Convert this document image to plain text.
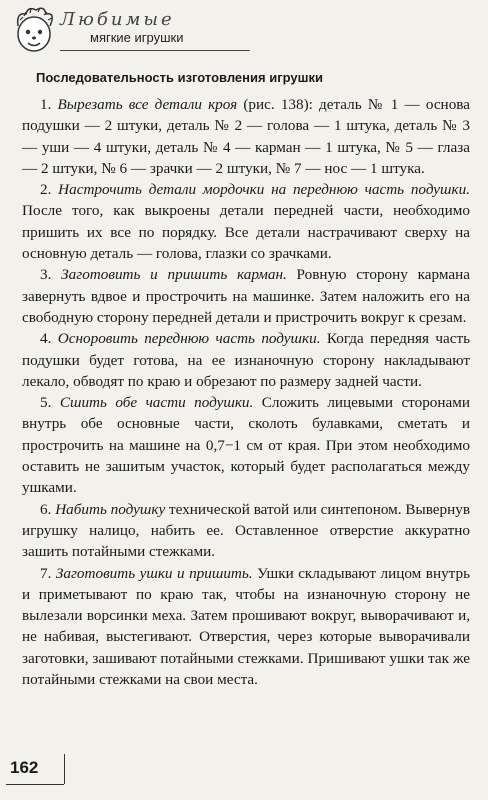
Любимые
мягкие игрушки
Последовательность изготовления игрушки

1. Вырезать все детали кроя (рис. 138): деталь № 1 — основа подушки — 2 штуки, деталь № 2 — голова — 1 штука, деталь № 3 — уши — 4 штуки, деталь № 4 — карман — 1 штука, № 5 — глаза — 2 штуки, № 6 — зрачки — 2 штуки, № 7 — нос — 1 штука.

2. Настрочить детали мордочки на переднюю часть подушки. После того, как выкроены детали передней части, необходимо пришить их все по порядку. Все детали настрачивают сверху на основную деталь — голова, глазки со зрачками.

3. Заготовить и пришить карман. Ровную сторону кармана завернуть вдвое и прострочить на машинке. Затем наложить его на свободную сторону передней детали и пристрочить вокруг к срезам.

4. Оснoровить переднюю часть подушки. Когда передняя часть подушки будет готова, на ее изнаночную сторону накладывают лекало, обводят по краю и обрезают по размеру задней части.

5. Сшить обе части подушки. Сложить лицевыми сторонами внутрь обе основные части, сколоть булавками, сметать и прострочить на машине на 0,7−1 см от края. При этом необходимо оставить не зашитым участок, который будет располагаться между ушками.

6. Набить подушку технической ватой или синтепоном. Вывернув игрушку налицо, набить ее. Оставленное отверстие аккуратно зашить потайными стежками.

7. Заготовить ушки и пришить. Ушки складывают лицом внутрь и приметывают по краю так, чтобы на изнаночную сторону не вылезали ворсинки меха. Затем прошивают вокруг, выворачивают и, не набивая, выстегивают. Отверстия, через которые выворачивали заготовки, зашивают потайными стежками. Пришивают ушки так же потайными стежками на свои места.

162
